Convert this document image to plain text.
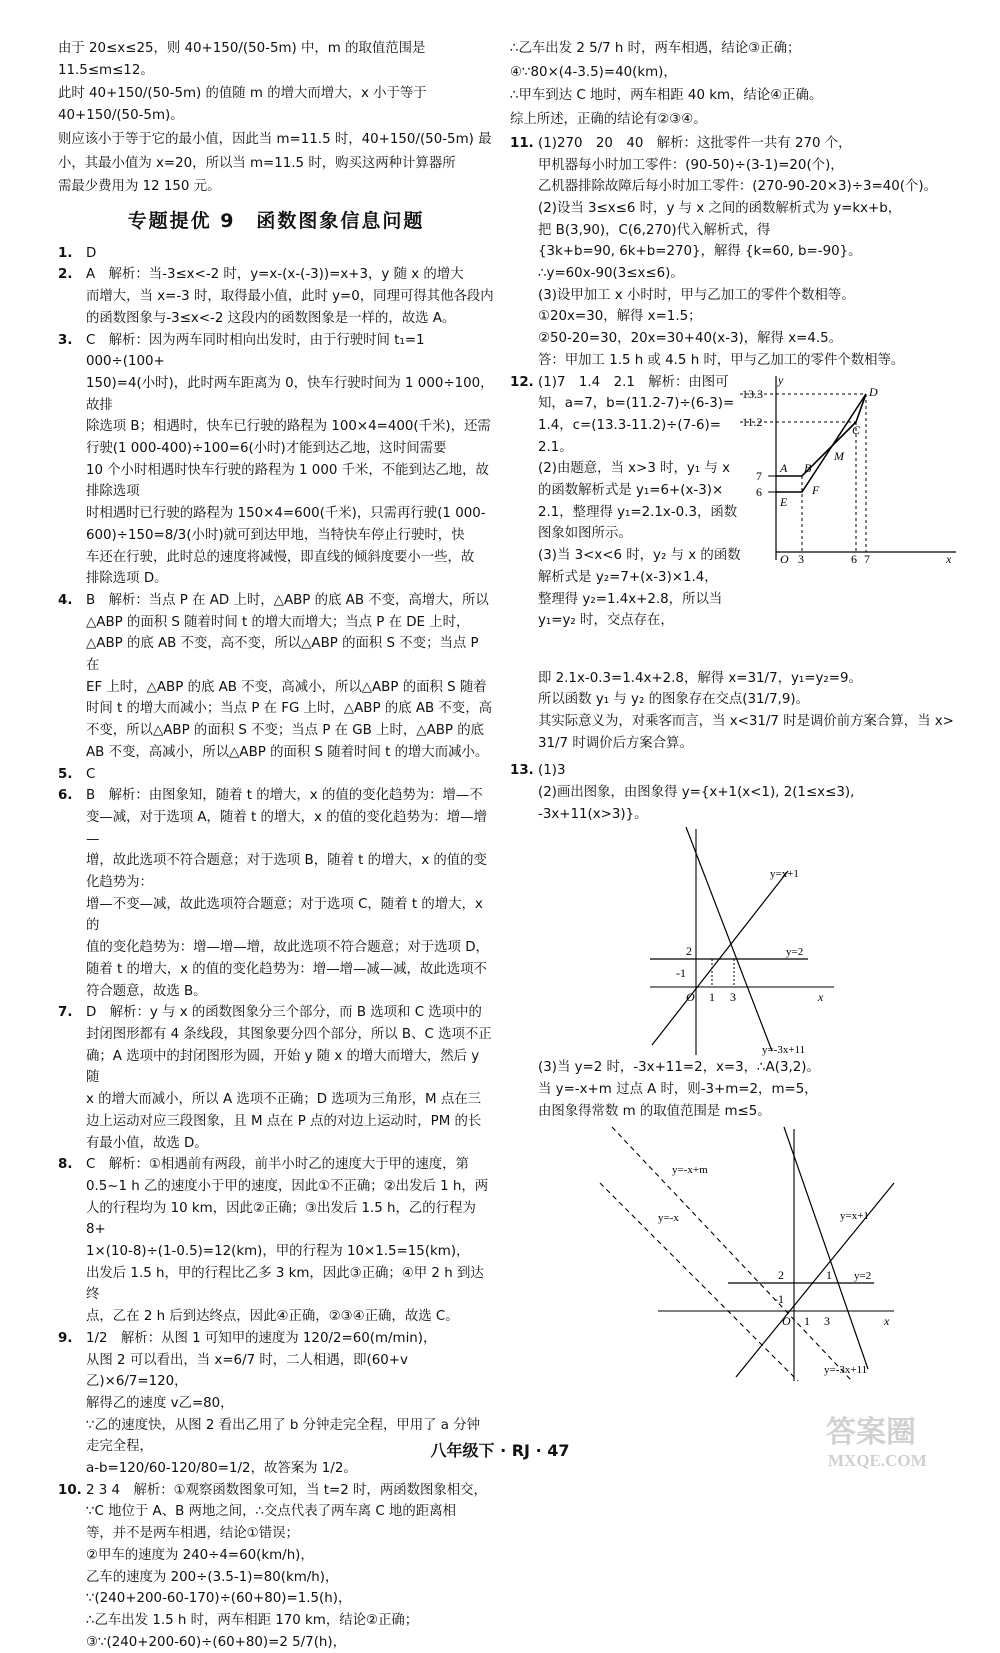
由于 20≤x≤25，则 40+150/(50-5m) 中，m 的取值范围是 11.5≤m≤12。

此时 40+150/(50-5m) 的值随 m 的增大而增大，x 小于等于 40+150/(50-5m)。

则应该小于等于它的最小值，因此当 m=11.5 时，40+150/(50-5m) 最

小，其最小值为 x=20，所以当 m=11.5 时，购买这两种计算器所

需最少费用为 12 150 元。

专题提优 9　函数图象信息问题
1. D
2. A　解析：当-3≤x<-2 时，y=x-(x-(-3))=x+3，y 随 x 的增大
而增大，当 x=-3 时，取得最小值，此时 y=0，同理可得其他各段内
的函数图象与-3≤x<-2 这段内的函数图象是一样的，故选 A。
3. C　解析：因为两车同时相向出发时，由于行驶时间 t₁=1 000÷(100+
150)=4(小时)，此时两车距离为 0，快车行驶时间为 1 000÷100，故排
除选项 B；相遇时，快车已行驶的路程为 100×4=400(千米)，还需
行驶(1 000-400)÷100=6(小时)才能到达乙地，这时间需要
10 个小时相遇时快车行驶的路程为 1 000 千米，不能到达乙地，故排除选项
时相遇时已行驶的路程为 150×4=600(千米)，只需再行驶(1 000-
600)÷150=8/3(小时)就可到达甲地，当特快车停止行驶时，快
车还在行驶，此时总的速度将减慢，即直线的倾斜度要小一些，故
排除选项 D。
4. B　解析：当点 P 在 AD 上时，△ABP 的底 AB 不变，高增大，所以
△ABP 的面积 S 随着时间 t 的增大而增大；当点 P 在 DE 上时，
△ABP 的底 AB 不变，高不变，所以△ABP 的面积 S 不变；当点 P 在
EF 上时，△ABP 的底 AB 不变，高减小，所以△ABP 的面积 S 随着
时间 t 的增大而减小；当点 P 在 FG 上时，△ABP 的底 AB 不变，高
不变，所以△ABP 的面积 S 不变；当点 P 在 GB 上时，△ABP 的底
AB 不变，高减小，所以△ABP 的面积 S 随着时间 t 的增大而减小。
5. C
6. B　解析：由图象知，随着 t 的增大，x 的值的变化趋势为：增—不
变—减，对于选项 A，随着 t 的增大，x 的值的变化趋势为：增—增—
增，故此选项不符合题意；对于选项 B，随着 t 的增大，x 的值的变化趋势为：
增—不变—减，故此选项符合题意；对于选项 C，随着 t 的增大，x 的
值的变化趋势为：增—增—增，故此选项不符合题意；对于选项 D，
随着 t 的增大，x 的值的变化趋势为：增—增—减—减，故此选项不
符合题意，故选 B。
7. D　解析：y 与 x 的函数图象分三个部分，而 B 选项和 C 选项中的
封闭图形都有 4 条线段，其图象要分四个部分，所以 B、C 选项不正
确；A 选项中的封闭图形为圆，开始 y 随 x 的增大而增大，然后 y 随
x 的增大而减小，所以 A 选项不正确；D 选项为三角形，M 点在三
边上运动对应三段图象，且 M 点在 P 点的对边上运动时，PM 的长
有最小值，故选 D。
8. C　解析：①相遇前有两段，前半小时乙的速度大于甲的速度，第
0.5~1 h 乙的速度小于甲的速度，因此①不正确；②出发后 1 h，两
人的行程均为 10 km，因此②正确；③出发后 1.5 h，乙的行程为 8+
1×(10-8)÷(1-0.5)=12(km)，甲的行程为 10×1.5=15(km)，
出发后 1.5 h，甲的行程比乙多 3 km，因此③正确；④甲 2 h 到达终
点，乙在 2 h 后到达终点，因此④正确，②③④正确，故选 C。
9. 1/2　解析：从图 1 可知甲的速度为 120/2=60(m/min)，
从图 2 可以看出，当 x=6/7 时，二人相遇，即(60+v乙)×6/7=120，
解得乙的速度 v乙=80，
∵乙的速度快，从图 2 看出乙用了 b 分钟走完全程，甲用了 a 分钟
走完全程，
a-b=120/60-120/80=1/2，故答案为 1/2。
10. 2 3 4　解析：①观察函数图象可知，当 t=2 时，两函数图象相交，
∵C 地位于 A、B 两地之间，∴交点代表了两车离 C 地的距离相
等，并不是两车相遇，结论①错误；
②甲车的速度为 240÷4=60(km/h)，
乙车的速度为 200÷(3.5-1)=80(km/h)，
∵(240+200-60-170)÷(60+80)=1.5(h)，
∴乙车出发 1.5 h 时，两车相距 170 km，结论②正确；
③∵(240+200-60)÷(60+80)=2 5/7(h)，

∴乙车出发 2 5/7 h 时，两车相遇，结论③正确；

④∵80×(4-3.5)=40(km)，

∴甲车到达 C 地时，两车相距 40 km，结论④正确。

综上所述，正确的结论有②③④。

11. (1)270　20　40　解析：这批零件一共有 270 个，
甲机器每小时加工零件：(90-50)÷(3-1)=20(个)，
乙机器排除故障后每小时加工零件：(270-90-20×3)÷3=40(个)。
(2)设当 3≤x≤6 时，y 与 x 之间的函数解析式为 y=kx+b，
把 B(3,90)，C(6,270)代入解析式，得
{3k+b=90, 6k+b=270}，解得 {k=60, b=-90}。
∴y=60x-90(3≤x≤6)。
(3)设甲加工 x 小时时，甲与乙加工的零件个数相等。
①20x=30，解得 x=1.5；
②50-20=30，20x=30+40(x-3)，解得 x=4.5。
答：甲加工 1.5 h 或 4.5 h 时，甲与乙加工的零件个数相等。
12. (1)7　1.4　2.1　解析：由图可
知，a=7，b=(11.2-7)÷(6-3)=
1.4，c=(13.3-11.2)÷(7-6)=
2.1。
(2)由题意，当 x>3 时，y₁ 与 x
的函数解析式是 y₁=6+(x-3)×
2.1，整理得 y₁=2.1x-0.3，函数
图象如图所示。
(3)当 3<x<6 时，y₂ 与 x 的函数
解析式是 y₂=7+(x-3)×1.4，
整理得 y₂=1.4x+2.8，所以当
y₁=y₂ 时，交点存在，
13.3
11.2
7
6
y
O 3	6 7	x
D
C
M
B
F
A
E
即 2.1x-0.3=1.4x+2.8，解得 x=31/7，y₁=y₂=9。
所以函数 y₁ 与 y₂ 的图象存在交点(31/7,9)。
其实际意义为，对乘客而言，当 x<31/7 时是调价前方案合算，当 x>
31/7 时调价后方案合算。
13. (1)3
(2)画出图象，由图象得 y={x+1(x<1), 2(1≤x≤3), -3x+11(x>3)}。
y=x+1
y=2
y=-3x+11
2
-1
O 1 3	x
(3)当 y=2 时，-3x+11=2，x=3，∴A(3,2)。
当 y=-x+m 过点 A 时，则-3+m=2，m=5，
由图象得常数 m 的取值范围是 m≤5。
y=-x+m
y=-x	y=x+1
y=2
y=-3x+11
2	1
-1
O 1 3	x
八年级下 · RJ · 47
答案圈
MXQE.COM
